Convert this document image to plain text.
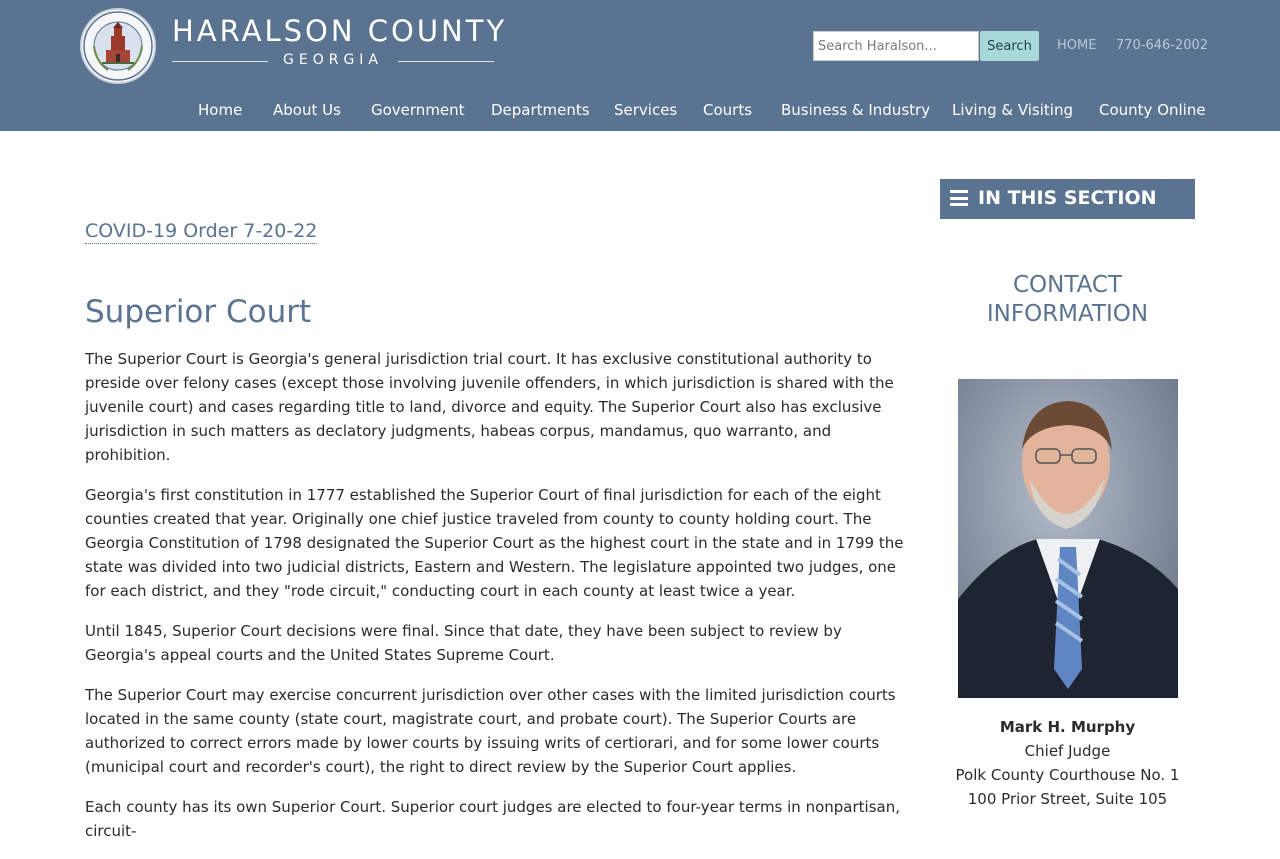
HARALSON COUNTY
GEORGIA
Search Haralson...
Search	HOME 770-646-2002
Home About Us Government Departments Services Courts Business & Industry Living & Visiting County Online
COVID-19 Order 7-20-22
Superior Court

The Superior Court is Georgia's general jurisdiction trial court. It has exclusive constitutional authority to preside over felony cases (except those involving juvenile offenders, in which jurisdiction is shared with the juvenile court) and cases regarding title to land, divorce and equity. The Superior Court also has exclusive jurisdiction in such matters as declatory judgments, habeas corpus, mandamus, quo warranto, and prohibition.

Georgia's first constitution in 1777 established the Superior Court of final jurisdiction for each of the eight counties created that year. Originally one chief justice traveled from county to county holding court. The Georgia Constitution of 1798 designated the Superior Court as the highest court in the state and in 1799 the state was divided into two judicial districts, Eastern and Western. The legislature appointed two judges, one for each district, and they "rode circuit," conducting court in each county at least twice a year.

Until 1845, Superior Court decisions were final. Since that date, they have been subject to review by Georgia's appeal courts and the United States Supreme Court.

The Superior Court may exercise concurrent jurisdiction over other cases with the limited jurisdiction courts located in the same county (state court, magistrate court, and probate court). The Superior Courts are authorized to correct errors made by lower courts by issuing writs of certiorari, and for some lower courts (municipal court and recorder's court), the right to direct review by the Superior Court applies.

Each county has its own Superior Court. Superior court judges are elected to four-year terms in nonpartisan, circuit-

IN THIS SECTION
CONTACT
INFORMATION
Mark H. Murphy
Chief Judge
Polk County Courthouse No. 1
100 Prior Street, Suite 105
